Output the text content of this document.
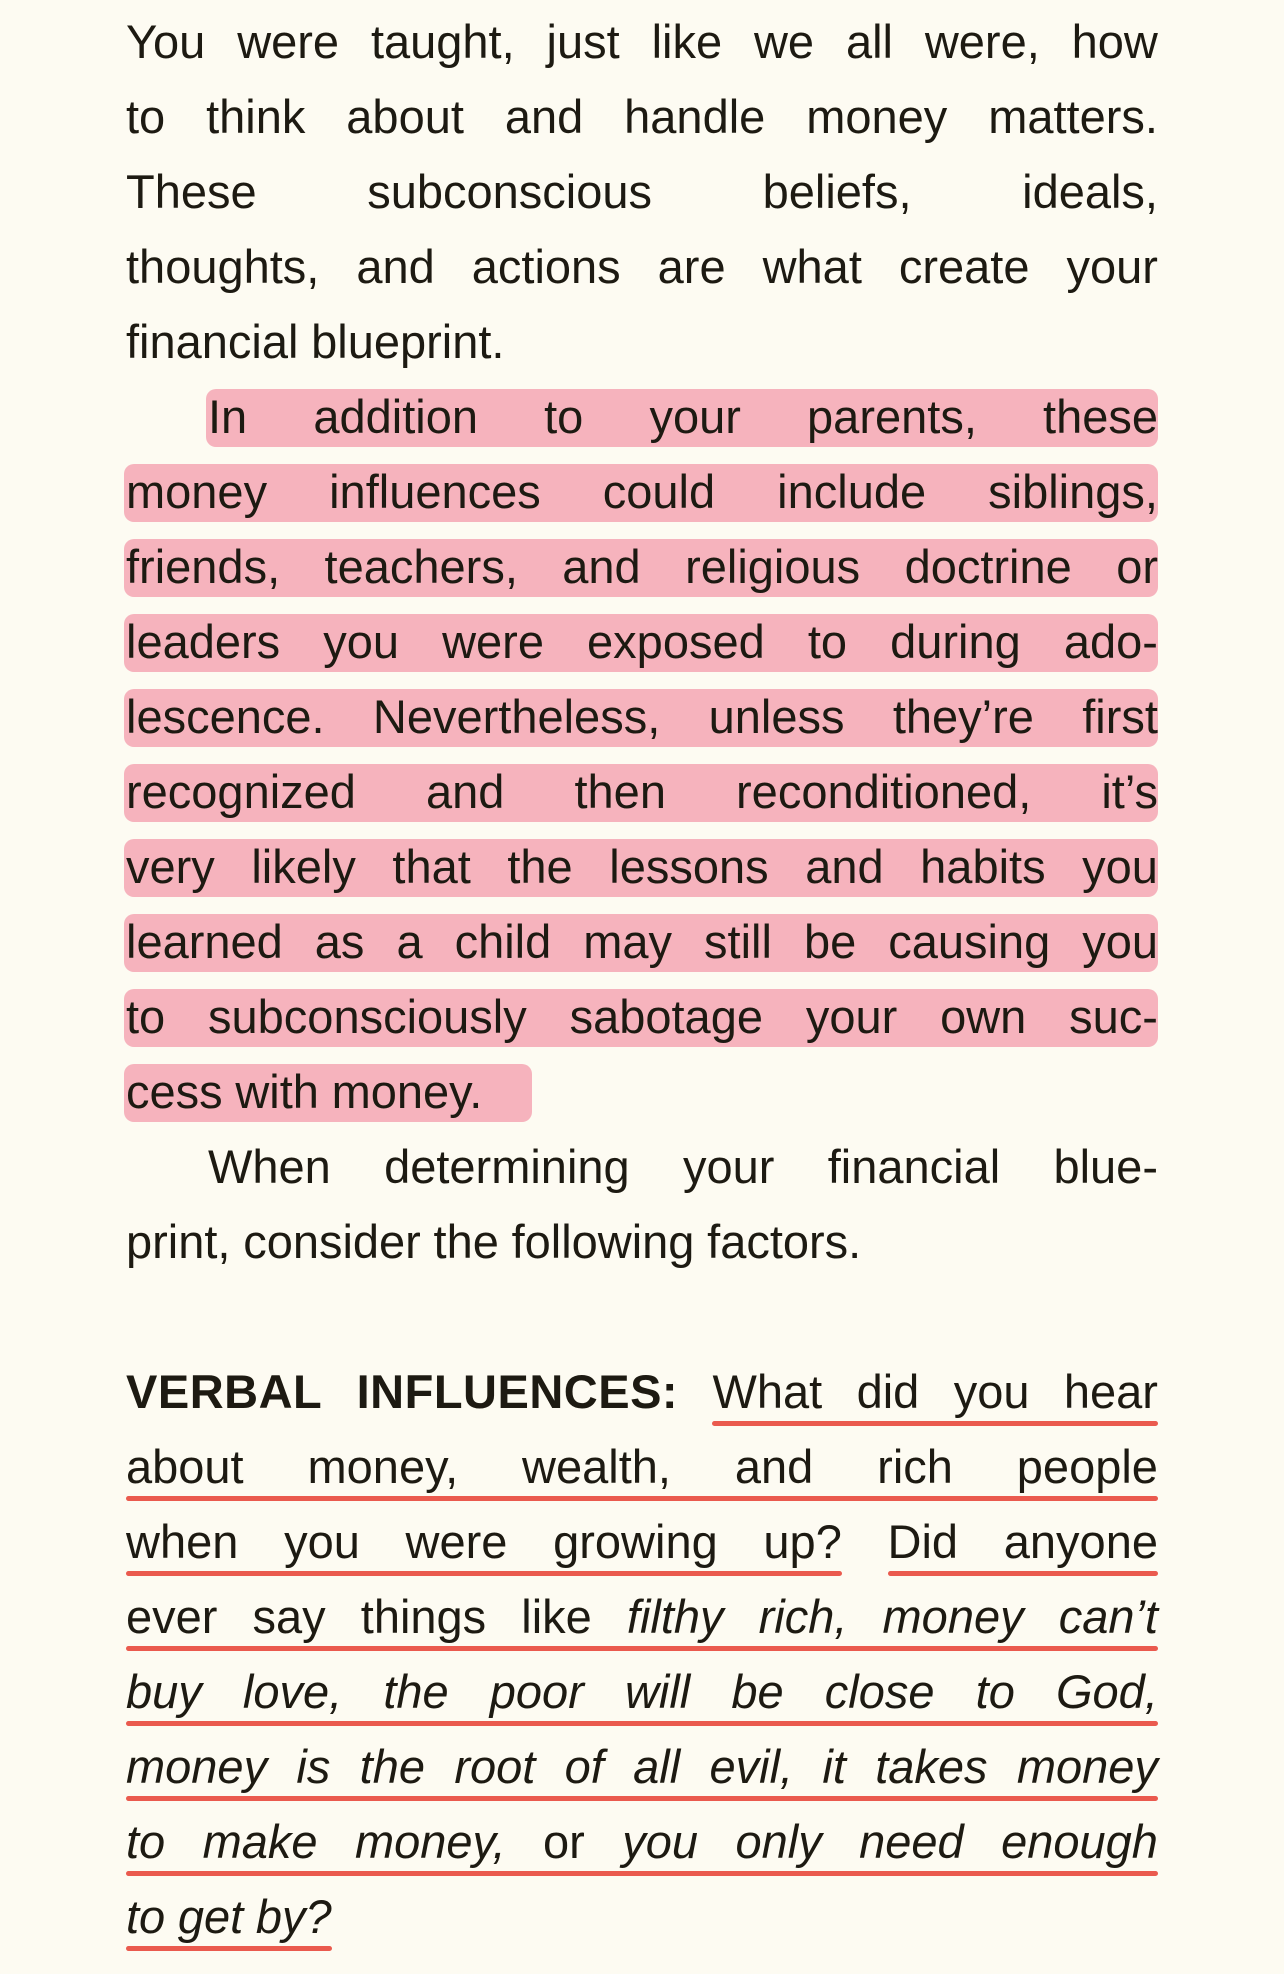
You were taught, just like we all were, how
to think about and handle money matters.
These subconscious beliefs, ideals,
thoughts, and actions are what create your
financial blueprint.
In addition to your parents, these
money influences could include siblings,
friends, teachers, and religious doctrine or
leaders you were exposed to during ado-
lescence. Nevertheless, unless they’re first
recognized and then reconditioned, it’s
very likely that the lessons and habits you
learned as a child may still be causing you
to subconsciously sabotage your own suc-
cess with money.
When determining your financial blue-
print, consider the following factors.
VERBAL INFLUENCES: What did you hear
about money, wealth, and rich people
when you were growing up? Did anyone
ever say things like filthy rich, money can’t
buy love, the poor will be close to God,
money is the root of all evil, it takes money
to make money, or you only need enough
to get by?
